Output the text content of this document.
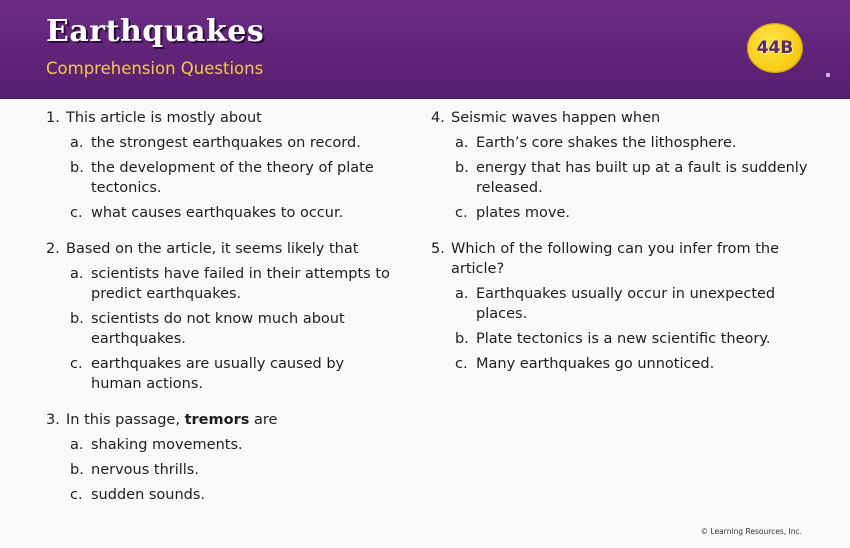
Earthquakes
Comprehension Questions
44B
1. This article is mostly about
a. the strongest earthquakes on record.
b. the development of the theory of plate tectonics.
c. what causes earthquakes to occur.
2. Based on the article, it seems likely that
a. scientists have failed in their attempts to predict earthquakes.
b. scientists do not know much about earthquakes.
c. earthquakes are usually caused by human actions.
3. In this passage, tremors are
a. shaking movements.
b. nervous thrills.
c. sudden sounds.
4. Seismic waves happen when
a. Earth’s core shakes the lithosphere.
b. energy that has built up at a fault is suddenly released.
c. plates move.
5. Which of the following can you infer from the article?
a. Earthquakes usually occur in unexpected places.
b. Plate tectonics is a new scientific theory.
c. Many earthquakes go unnoticed.
© Learning Resources, Inc.
